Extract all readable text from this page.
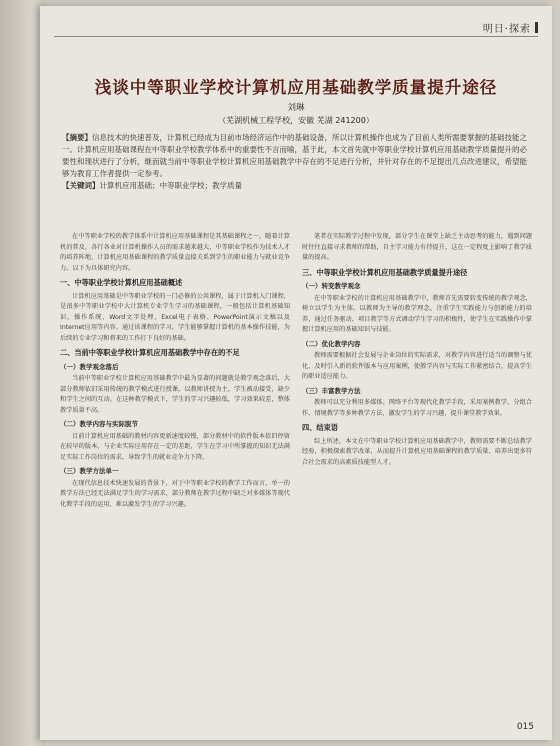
明日·探索
浅谈中等职业学校计算机应用基础教学质量提升途径
刘琳
（芜湖机械工程学校，安徽 芜湖 241200）
【摘要】信息技术的快速普及，计算机已经成为目前市场经济运作中的基础设备，所以计算机操作也成为了目前人类所需要掌握的基础技能之一。计算机应用基础课程在中等职业学校教学体系中的重要性不言而喻，基于此，本文首先就中等职业学校计算机应用基础教学质量提升的必要性和现状进行了分析，继而就当前中等职业学校计算机应用基础教学中存在的不足进行分析，并针对存在的不足提出几点改进建议，希望能够为教育工作者提供一定参考。
【关键词】计算机应用基础；中等职业学校；教学质量

在中等职业学校的教学体系中计算机应用基础课程是其基础课程之一，随着计算机的普及，各行各业对计算机操作人员的需求越来越大，中等职业学校作为技术人才的培养阵地，计算机应用基础课程的教学质量直接关系到学生的职业能力与就业竞争力。以下为具体研究内容。

一、中等职业学校计算机应用基础概述

计算机应用基础是中等职业学校的一门必修的公共课程，属于计算机入门课程，是很多中等职业学校中大计算机专业学生学习的基础课程，一般包括计算机基础知识、操作系统、Word文字处理、Excel电子表格、PowerPoint演示文稿以及Internet应用等内容。通过该课程的学习，学生能够掌握计算机的基本操作技能，为后续的专业学习和将来的工作打下良好的基础。

二、当前中等职业学校计算机应用基础教学中存在的不足
（一）教学观念落后

当前中等职业学校计算机应用基础教学中最为显著的问题就是教学观念落后，大部分教师依旧采用传统的教学模式进行授课，以教师讲授为主，学生被动接受，缺少和学生之间的互动。在这种教学模式下，学生的学习兴趣较低，学习效果较差，整体教学质量不高。

（二）教学内容与实际脱节

目前计算机应用基础的教材内容更新速度较慢，部分教材中的软件版本依旧停留在较早的版本，与企业实际应用存在一定的差距，学生在学习中所掌握的知识无法满足实际工作岗位的需求，导致学生的就业竞争力下降。

（三）教学方法单一

在现代信息技术快速发展的背景下，对于中等职业学校的教学工作而言，单一的教学方法已经无法满足学生的学习需求，部分教师在教学过程中缺乏对多媒体等现代化教学手段的运用，难以激发学生的学习兴趣。

笔者在实际教学过程中发现，部分学生在课堂上缺乏主动思考的能力，遇到问题时往往直接寻求教师的帮助，自主学习能力有待提升，这在一定程度上影响了教学质量的提高。

三、中等职业学校计算机应用基础教学质量提升途径
（一）转变教学观念

在中等职业学校的计算机应用基础教学中，教师首先需要转变传统的教学观念，树立以学生为主体、以教师为主导的教学理念，注重学生实践能力与创新能力的培养，通过任务驱动、项目教学等方式调动学生学习的积极性，使学生在实践操作中掌握计算机应用的基础知识与技能。

（二）优化教学内容

教师需要根据社会发展与企业岗位的实际需求，对教学内容进行适当的调整与优化，及时引入新的软件版本与应用案例，使教学内容与实际工作紧密结合，提高学生的职业适应能力。

（三）丰富教学方法

教师可以充分利用多媒体、网络平台等现代化教学手段，采用案例教学、分组合作、情境教学等多种教学方法，激发学生的学习兴趣，提升课堂教学效果。

四、结束语

综上所述，本文在中等职业学校计算机应用基础教学中，教师需要不断总结教学经验，积极探索教学改革，从而提升计算机应用基础课程的教学质量，培养出更多符合社会需求的高素质技能型人才。

015
